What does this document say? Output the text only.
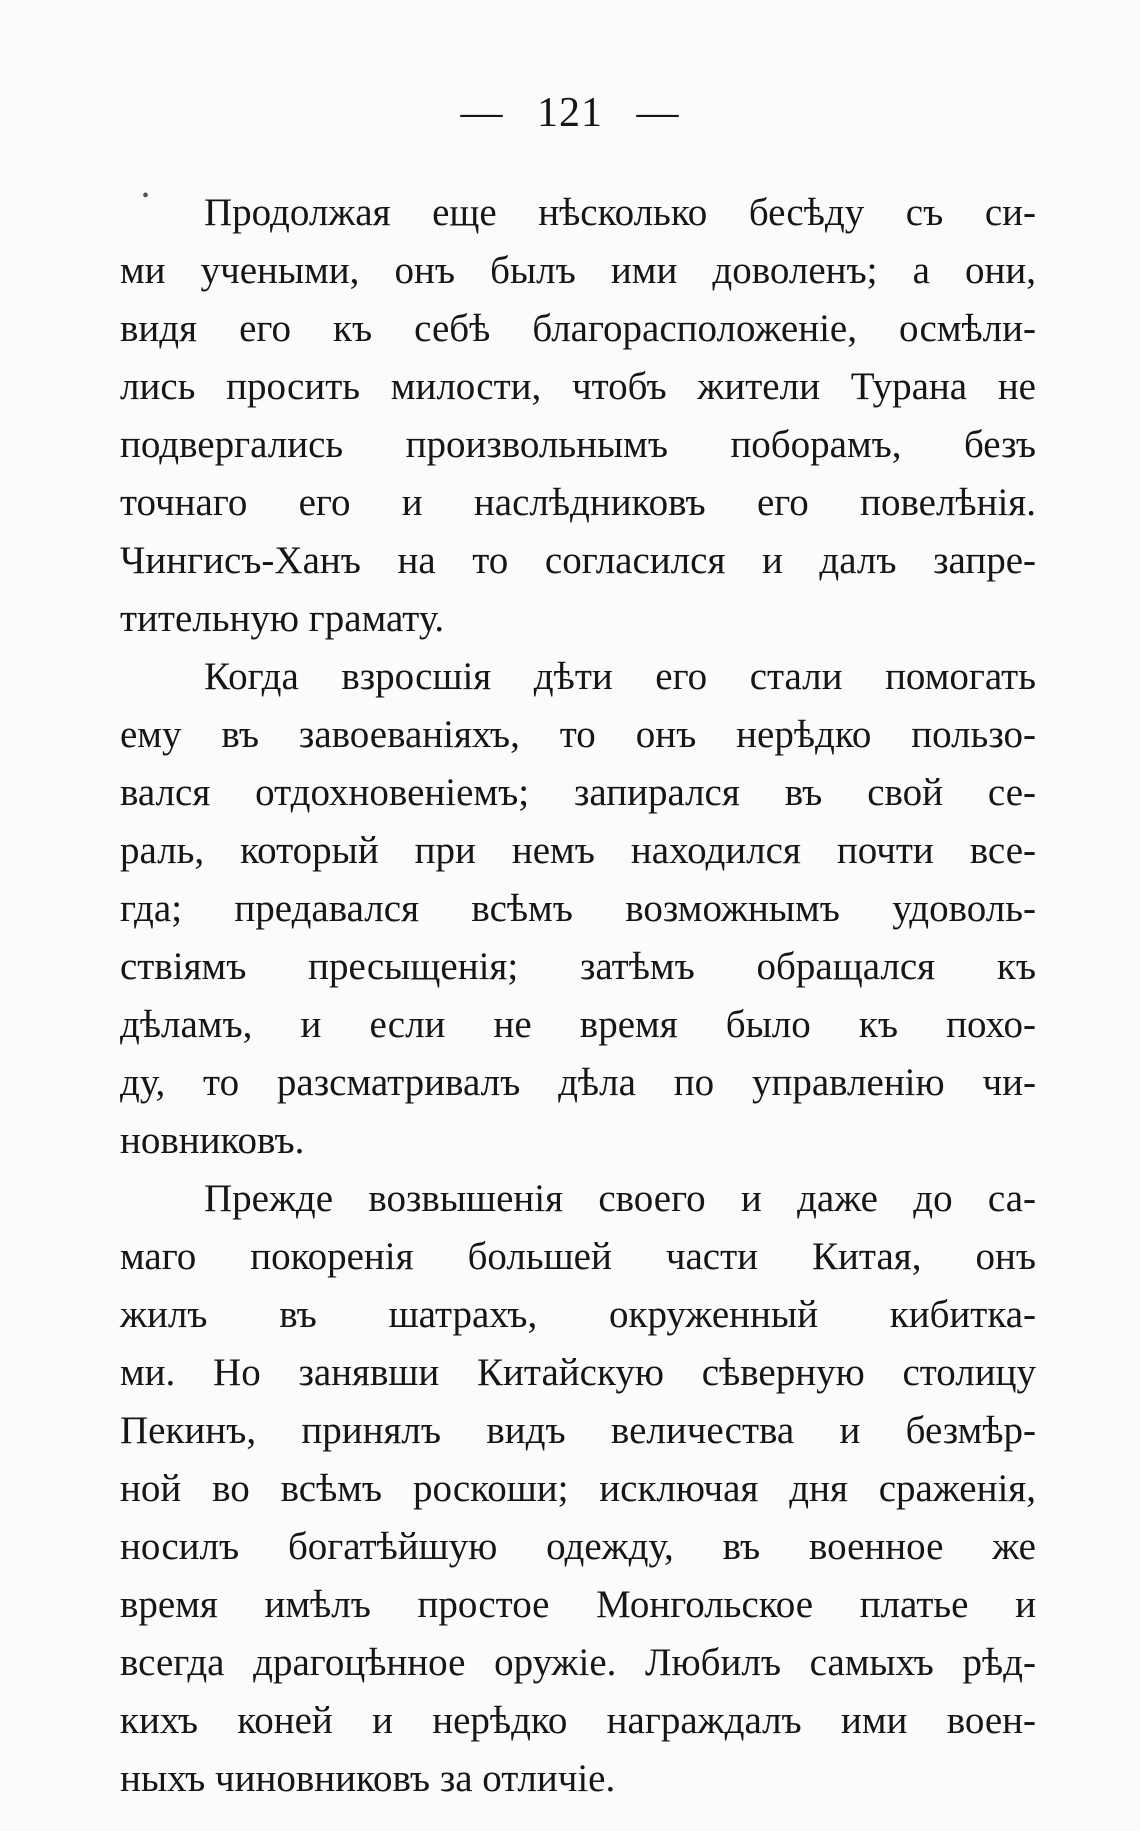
— 121 —
•	Продолжая еще нѣсколько бесѣду съ си-
ми учеными, онъ былъ ими доволенъ; а они,
видя его къ себѣ благорасположеніе, осмѣли-
лись просить милости, чтобъ жители Турана не
подвергались произвольнымъ поборамъ, безъ
точнаго его и наслѣдниковъ его повелѣнія.
Чингисъ-Ханъ на то согласился и далъ запре-
тительную грамату.
Когда взросшія дѣти его стали помогать
ему въ завоеваніяхъ, то онъ нерѣдко пользо-
вался отдохновеніемъ; запирался въ свой се-
раль, который при немъ находился почти все-
гда; предавался всѣмъ возможнымъ удоволь-
ствіямъ пресыщенія; затѣмъ обращался къ
дѣламъ, и если не время было къ похо-
ду, то разсматривалъ дѣла по управленію чи-
новниковъ.
Прежде возвышенія своего и даже до са-
маго покоренія большей части Китая, онъ
жилъ въ шатрахъ, окруженный кибитка-
ми. Но занявши Китайскую сѣверную столицу
Пекинъ, принялъ видъ величества и безмѣр-
ной во всѣмъ роскоши; исключая дня сраженія,
носилъ богатѣйшую одежду, въ военное же
время имѣлъ простое Монгольское платье и
всегда драгоцѣнное оружіе. Любилъ самыхъ рѣд-
кихъ коней и нерѣдко награждалъ ими воен-
ныхъ чиновниковъ за отличіе.
